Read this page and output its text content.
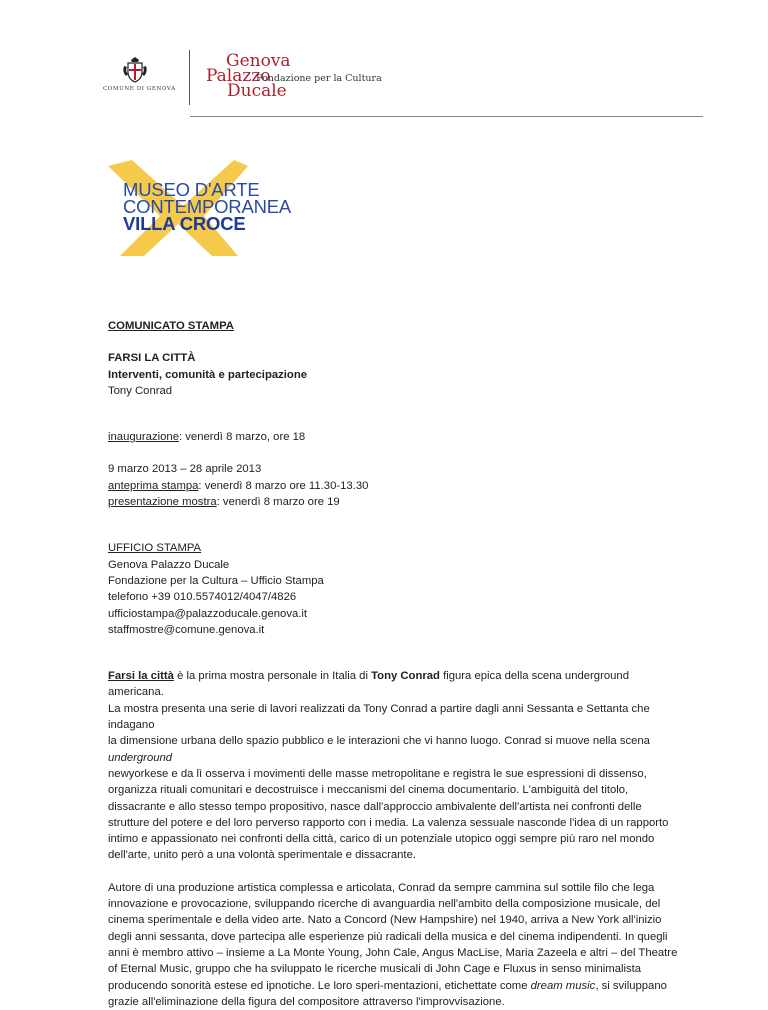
COMUNE DI GENOVA
Genova
Palazzo
Ducale
Fondazione per la Cultura
MUSEO D'ARTE
CONTEMPORANEA
VILLA CROCE

COMUNICATO STAMPA

FARSI LA CITTÀ

Interventi, comunità e partecipazione

Tony Conrad

inaugurazione: venerdì 8 marzo, ore 18

9 marzo 2013 – 28 aprile 2013

anteprima stampa: venerdì 8 marzo ore 11.30-13.30

presentazione mostra: venerdì 8 marzo ore 19

UFFICIO STAMPA

Genova Palazzo Ducale

Fondazione per la Cultura – Ufficio Stampa

telefono +39 010.5574012/4047/4826

ufficiostampa@palazzoducale.genova.it

staffmostre@comune.genova.it

Farsi la città è la prima mostra personale in Italia di Tony Conrad figura epica della scena underground americana.
La mostra presenta una serie di lavori realizzati da Tony Conrad a partire dagli anni Sessanta e Settanta che indagano
la dimensione urbana dello spazio pubblico e le interazioni che vi hanno luogo. Conrad si muove nella scena underground
newyorkese e da lì osserva i movimenti delle masse metropolitane e registra le sue espressioni di dissenso, organizza rituali comunitari e decostruisce i meccanismi del cinema documentario. L'ambiguità del titolo, dissacrante e allo stesso tempo propositivo, nasce dall'approccio ambivalente dell'artista nei confronti delle strutture del potere e del loro perverso rapporto con i media. La valenza sessuale nasconde l'idea di un rapporto intimo e appassionato nei confronti della città, carico di un potenziale utopico oggi sempre più raro nel mondo dell'arte, unito però a una volontà sperimentale e dissacrante.

Autore di una produzione artistica complessa e articolata, Conrad da sempre cammina sul sottile filo che lega innovazione e provocazione, sviluppando ricerche di avanguardia nell'ambito della composizione musicale, del cinema sperimentale e della video arte. Nato a Concord (New Hampshire) nel 1940, arriva a New York all'inizio degli anni sessanta, dove partecipa alle esperienze più radicali della musica e del cinema indipendenti. In quegli anni è membro attivo – insieme a La Monte Young, John Cale, Angus MacLise, Maria Zazeela e altri – del Theatre of Eternal Music, gruppo che ha sviluppato le ricerche musicali di John Cage e Fluxus in senso minimalista producendo sonorità estese ed ipnotiche. Le loro speri-mentazioni, etichettate come dream music, si sviluppano grazie all'eliminazione della figura del compositore attraverso l'improvvisazione.
